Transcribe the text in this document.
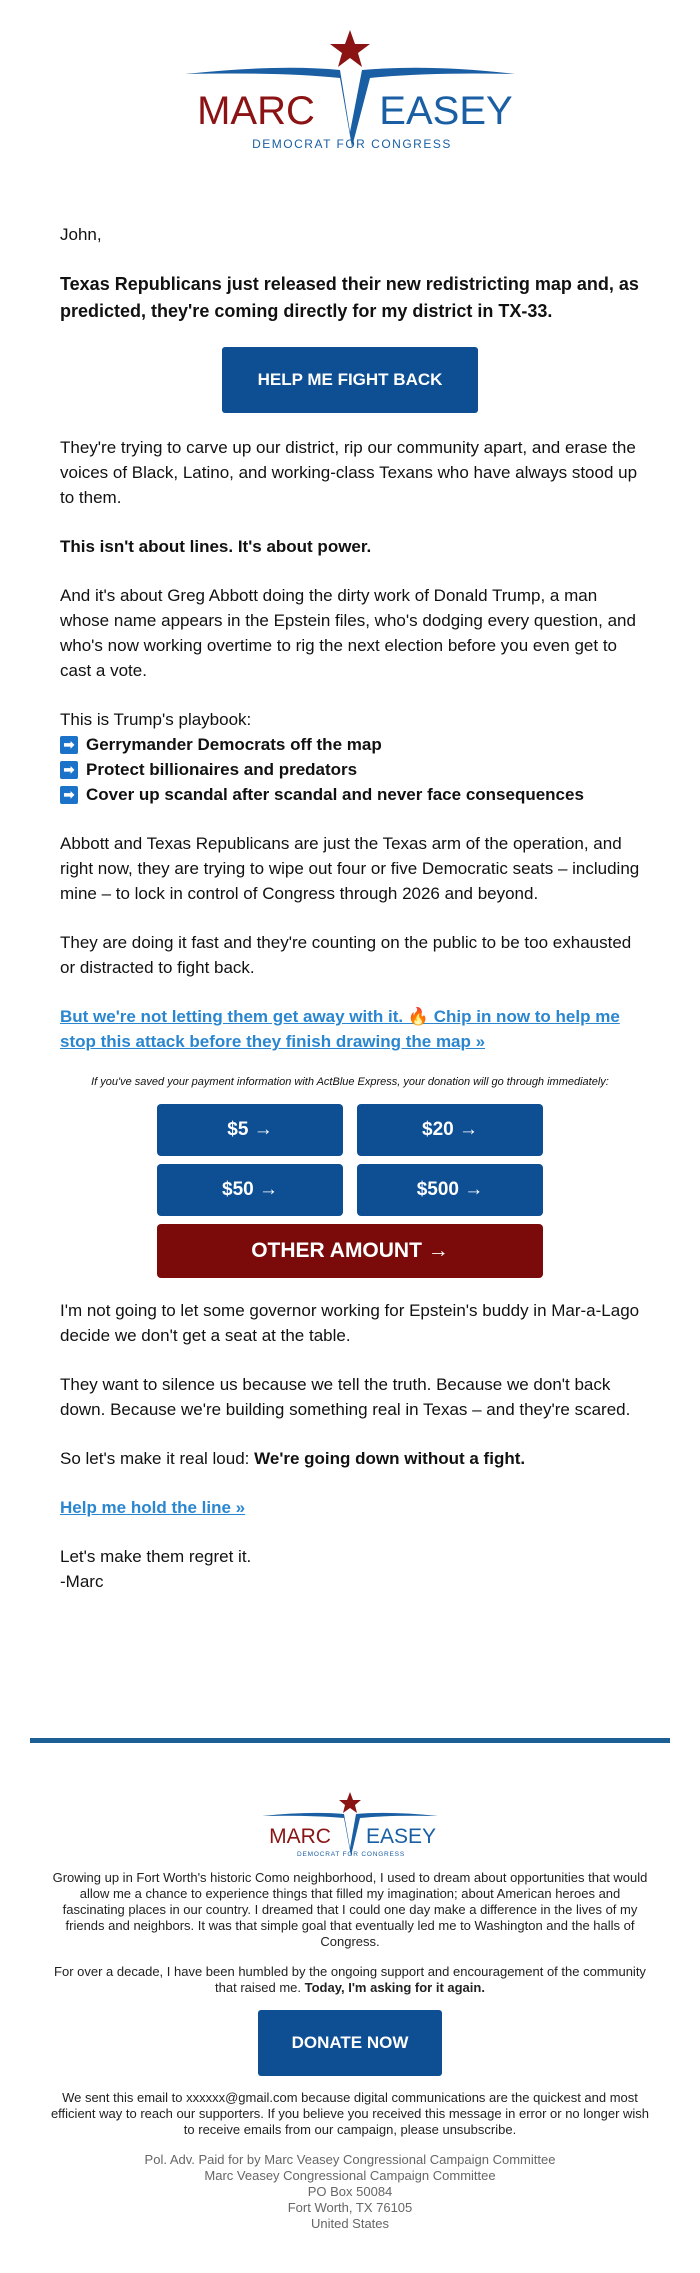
MARC EASEY
DEMOCRAT FOR CONGRESS

John,

Texas Republicans just released their new redistricting map and, as predicted, they're coming directly for my district in TX-33.

HELP ME FIGHT BACK

They're trying to carve up our district, rip our community apart, and erase the voices of Black, Latino, and working-class Texans who have always stood up to them.

This isn't about lines. It's about power.

And it's about Greg Abbott doing the dirty work of Donald Trump, a man whose name appears in the Epstein files, who's dodging every question, and who's now working overtime to rig the next election before you even get to cast a vote.

This is Trump's playbook:

➡ Gerrymander Democrats off the map
➡ Protect billionaires and predators
➡ Cover up scandal after scandal and never face consequences

Abbott and Texas Republicans are just the Texas arm of the operation, and right now, they are trying to wipe out four or five Democratic seats – including mine – to lock in control of Congress through 2026 and beyond.

They are doing it fast and they're counting on the public to be too exhausted or distracted to fight back.

But we're not letting them get away with it. 🔥 Chip in now to help me stop this attack before they finish drawing the map »

If you've saved your payment information with ActBlue Express, your donation will go through immediately:

$5 →	$20 →
$50 →	$500 →
OTHER AMOUNT →

I'm not going to let some governor working for Epstein's buddy in Mar-a-Lago decide we don't get a seat at the table.

They want to silence us because we tell the truth. Because we don't back down. Because we're building something real in Texas – and they're scared.

So let's make it real loud: We're going down without a fight.

Help me hold the line »

Let's make them regret it.

-Marc

MARC EASEY
DEMOCRAT FOR CONGRESS

Growing up in Fort Worth's historic Como neighborhood, I used to dream about opportunities that would allow me a chance to experience things that filled my imagination; about American heroes and fascinating places in our country. I dreamed that I could one day make a difference in the lives of my friends and neighbors. It was that simple goal that eventually led me to Washington and the halls of Congress.

For over a decade, I have been humbled by the ongoing support and encouragement of the community that raised me. Today, I'm asking for it again.

DONATE NOW

We sent this email to xxxxxx@gmail.com because digital communications are the quickest and most efficient way to reach our supporters. If you believe you received this message in error or no longer wish to receive emails from our campaign, please unsubscribe.

Pol. Adv. Paid for by Marc Veasey Congressional Campaign Committee
Marc Veasey Congressional Campaign Committee
PO Box 50084
Fort Worth, TX 76105
United States
